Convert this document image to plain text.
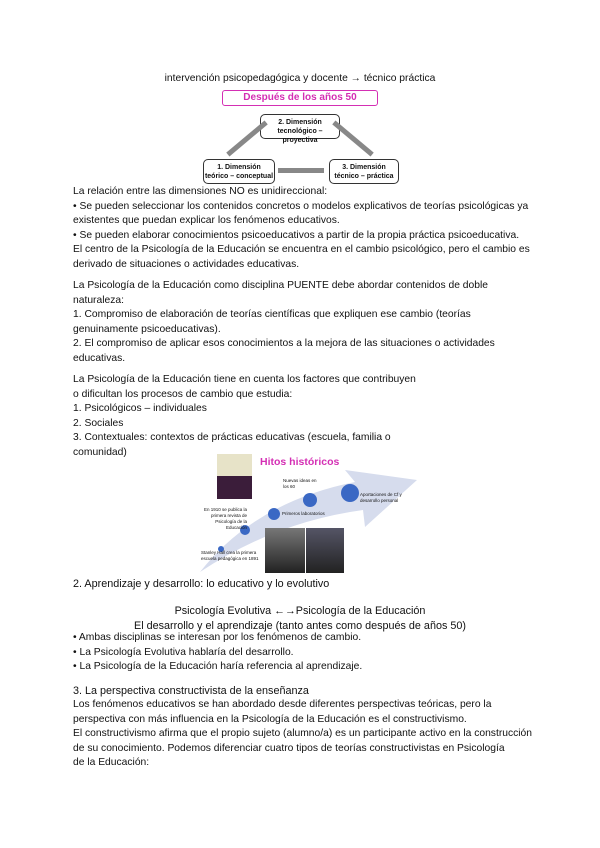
intervención psicopedagógica y docente → técnico práctica
Después de los años 50
2. Dimensión
tecnológico – proyectiva
1. Dimensión
teórico – conceptual
3. Dimensión
técnico – práctica
La relación entre las dimensiones NO es unidireccional:
• Se pueden seleccionar los contenidos concretos o modelos explicativos de teorías psicológicas ya
existentes que puedan explicar los fenómenos educativos.
• Se pueden elaborar conocimientos psicoeducativos a partir de la propia práctica psicoeducativa.
El centro de la Psicología de la Educación se encuentra en el cambio psicológico, pero el cambio es
derivado de situaciones o actividades educativas.
La Psicología de la Educación como disciplina PUENTE debe abordar contenidos de doble
naturaleza:
1. Compromiso de elaboración de teorías científicas que expliquen ese cambio (teorías
genuinamente psicoeducativas).
2. El compromiso de aplicar esos conocimientos a la mejora de las situaciones o actividades
educativas.
La Psicología de la Educación tiene en cuenta los factores que contribuyen
o dificultan los procesos de cambio que estudia:
1. Psicológicos – individuales
2. Sociales
3. Contextuales: contextos de prácticas educativas (escuela, familia o
comunidad)
Hitos históricos
Stanley Hall crea la primera escuela pedagógica en 1891
En 1910 se publica la primera revista de Psicología de la Educación
Primeros laboratorios
Nuevas ideas en los 60
Aportaciones de Cf y desarrollo personal
2. Aprendizaje y desarrollo: lo educativo y lo evolutivo
Psicología Evolutiva ←→Psicología de la Educación
El desarrollo y el aprendizaje (tanto antes como después de años 50)
• Ambas disciplinas se interesan por los fenómenos de cambio.
• La Psicología Evolutiva hablaría del desarrollo.
• La Psicología de la Educación haría referencia al aprendizaje.
3. La perspectiva constructivista de la enseñanza
Los fenómenos educativos se han abordado desde diferentes perspectivas teóricas, pero la
perspectiva con más influencia en la Psicología de la Educación es el constructivismo.
El constructivismo afirma que el propio sujeto (alumno/a) es un participante activo en la construcción
de su conocimiento. Podemos diferenciar cuatro tipos de teorías constructivistas en Psicología
de la Educación:
